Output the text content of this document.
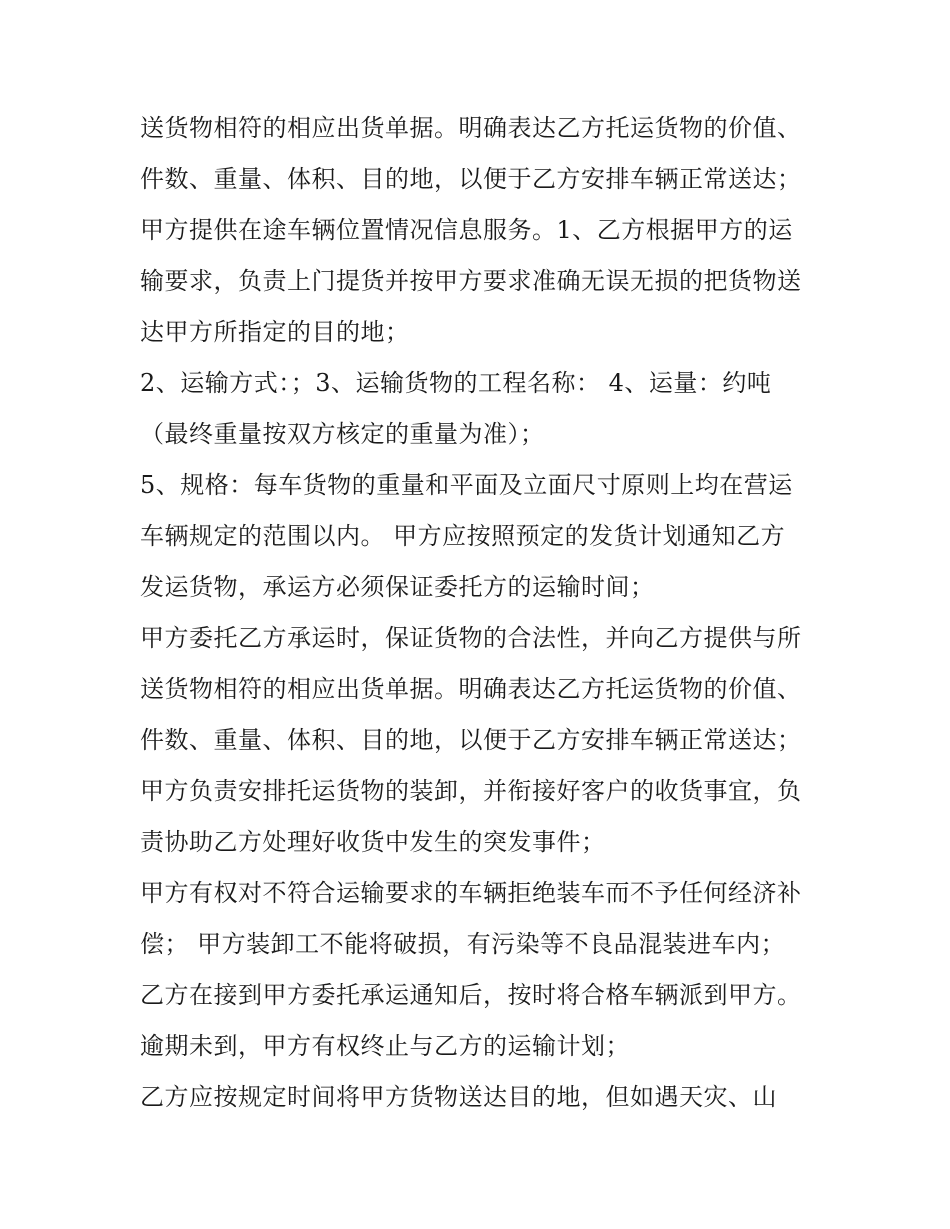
送货物相符的相应出货单据。明确表达乙方托运货物的价值、
件数、重量、体积、目的地，以便于乙方安排车辆正常送达；
甲方提供在途车辆位置情况信息服务。1、乙方根据甲方的运
输要求，负责上门提货并按甲方要求准确无误无损的把货物送
达甲方所指定的目的地；
2、运输方式：；3、运输货物的工程名称： 4、运量：约吨
（最终重量按双方核定的重量为准）；
5、规格：每车货物的重量和平面及立面尺寸原则上均在营运
车辆规定的范围以内。 甲方应按照预定的发货计划通知乙方
发运货物，承运方必须保证委托方的运输时间；
甲方委托乙方承运时，保证货物的合法性，并向乙方提供与所
送货物相符的相应出货单据。明确表达乙方托运货物的价值、
件数、重量、体积、目的地，以便于乙方安排车辆正常送达；
甲方负责安排托运货物的装卸，并衔接好客户的收货事宜，负
责协助乙方处理好收货中发生的突发事件；
甲方有权对不符合运输要求的车辆拒绝装车而不予任何经济补
偿； 甲方装卸工不能将破损，有污染等不良品混装进车内；
乙方在接到甲方委托承运通知后，按时将合格车辆派到甲方。
逾期未到，甲方有权终止与乙方的运输计划；
乙方应按规定时间将甲方货物送达目的地，但如遇天灾、山
